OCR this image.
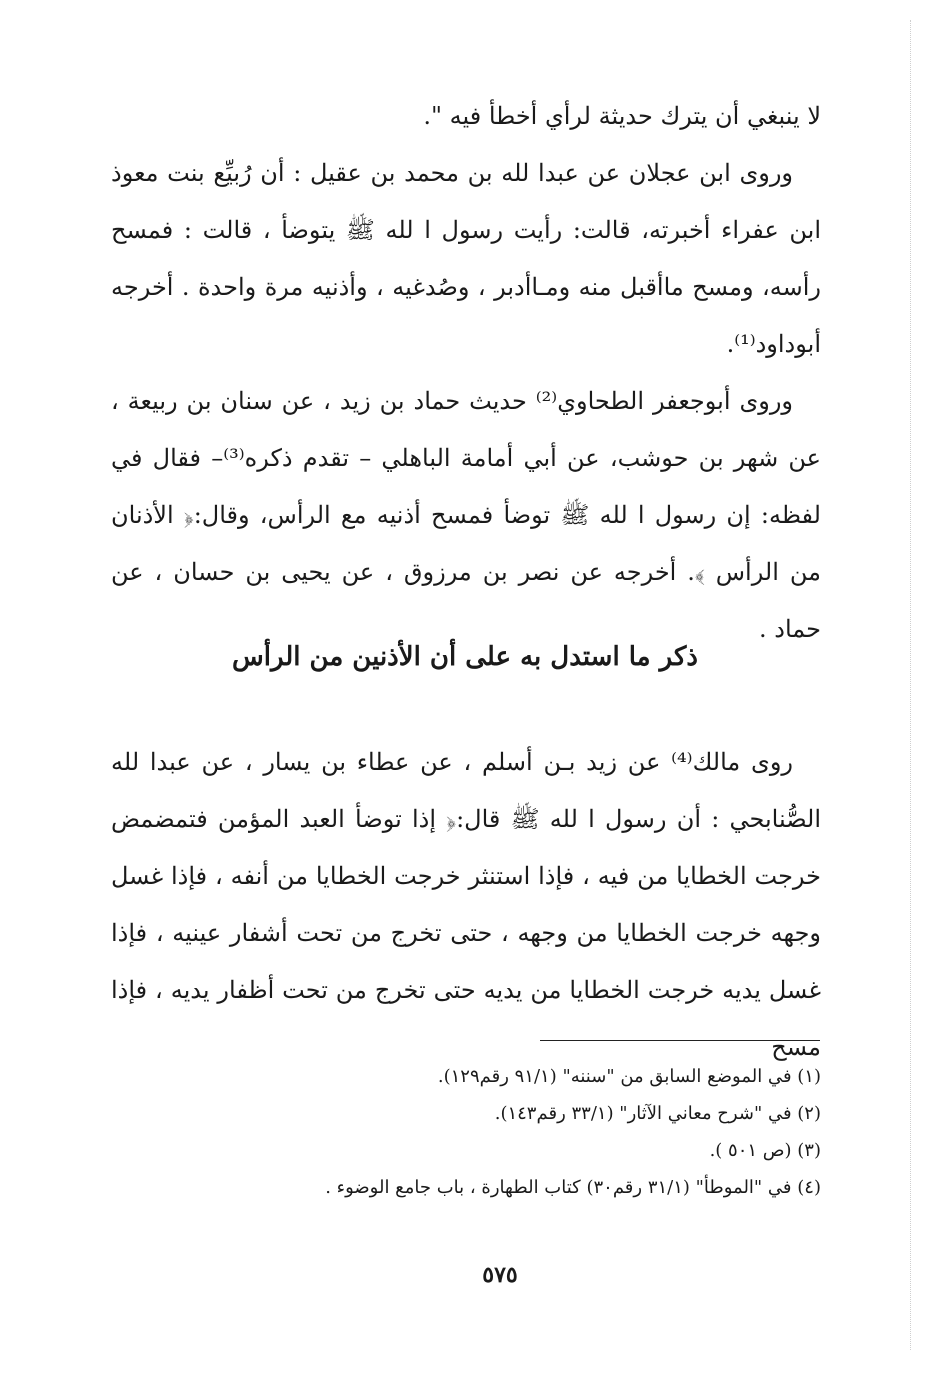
لا ينبغي أن يترك حديثة لرأي أخطأ فيه ".

وروى ابن عجلان عن عبدا لله بن محمد بن عقيل : أن رُبيِّع بنت معوذ ابن عفراء أخبرته، قالت: رأيت رسول ا لله ﷺ يتوضأ ، قالت : فمسح رأسه، ومسح ماأقبل منه ومـاأدبر ، وصُدغيه ، وأذنيه مرة واحدة . أخرجه أبوداود⁽¹⁾.

وروى أبوجعفر الطحاوي⁽²⁾ حديث حماد بن زيد ، عن سنان بن ربيعة ، عن شهر بن حوشب، عن أبي أمامة الباهلي – تقدم ذكره⁽³⁾– فقال في لفظه: إن رسول ا لله ﷺ توضأ فمسح أذنيه مع الرأس، وقال:﴿ الأذنان من الرأس ﴾. أخرجه عن نصر بن مرزوق ، عن يحيى بن حسان ، عن حماد .

ذكر ما استدل به على أن الأذنين من الرأس

روى مالك⁽⁴⁾ عن زيد بـن أسلم ، عن عطاء بن يسار ، عن عبدا لله الصُّنابحي : أن رسول ا لله ﷺ قال:﴿ إذا توضأ العبد المؤمن فتمضمض خرجت الخطايا من فيه ، فإذا استنثر خرجت الخطايا من أنفه ، فإذا غسل وجهه خرجت الخطايا من وجهه ، حتى تخرج من تحت أشفار عينيه ، فإذا غسل يديه خرجت الخطايا من يديه حتى تخرج من تحت أظفار يديه ، فإذا مسح

(١) في الموضع السابق من "سننه" (٩١/١ رقم١٢٩).

(٢) في "شرح معاني الآثار" (٣٣/١ رقم١٤٣).

(٣) (ص ٥٠١ ).

(٤) في "الموطأ" (٣١/١ رقم٣٠) كتاب الطهارة ، باب جامع الوضوء .

٥٧٥
